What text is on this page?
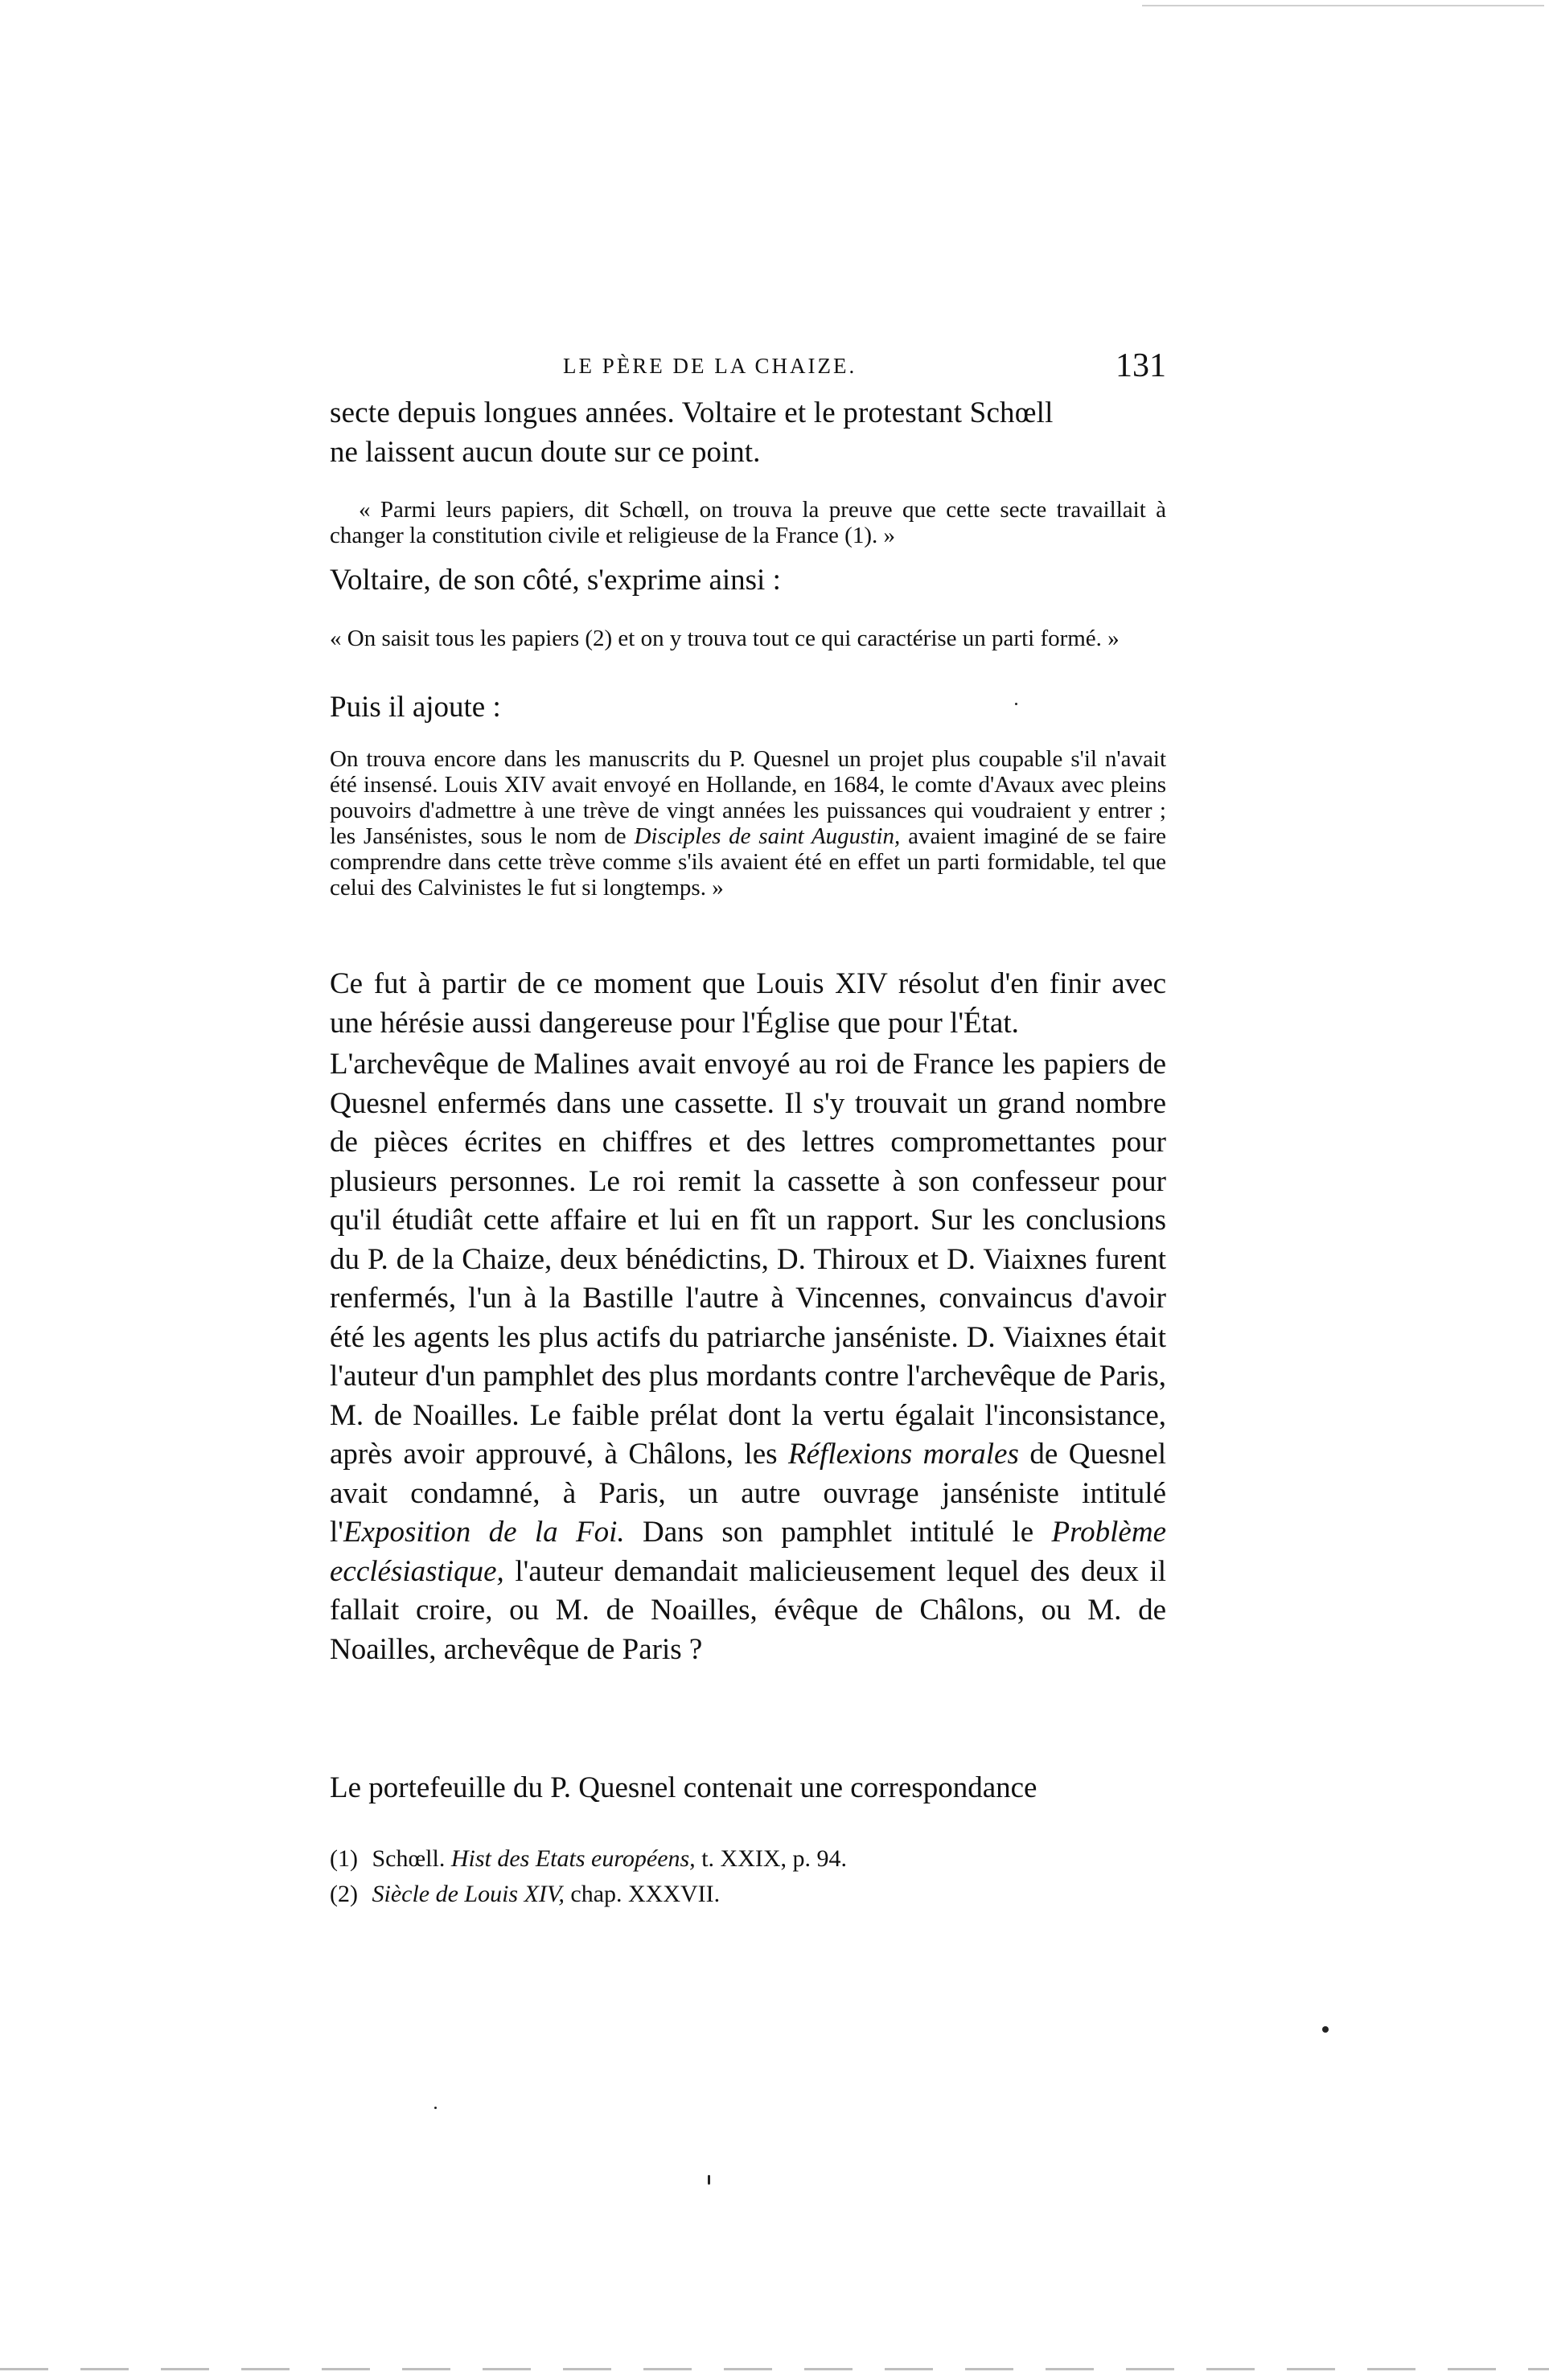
LE PÈRE DE LA CHAIZE.	131

secte depuis longues années. Voltaire et le protestant Schœll

ne laissent aucun doute sur ce point.

« Parmi leurs papiers, dit Schœll, on trouva la preuve que cette secte travaillait à changer la constitution civile et religieuse de la France (1). »

Voltaire, de son côté, s'exprime ainsi :

« On saisit tous les papiers (2) et on y trouva tout ce qui caractérise un parti formé. »

Puis il ajoute :

On trouva encore dans les manuscrits du P. Quesnel un projet plus coupable s'il n'avait été insensé. Louis XIV avait envoyé en Hollande, en 1684, le comte d'Avaux avec pleins pouvoirs d'admettre à une trève de vingt années les puissances qui voudraient y entrer ; les Jansénistes, sous le nom de Disciples de saint Augustin, avaient imaginé de se faire comprendre dans cette trève comme s'ils avaient été en effet un parti formidable, tel que celui des Calvinistes le fut si longtemps. »

Ce fut à partir de ce moment que Louis XIV résolut d'en finir avec une hérésie aussi dangereuse pour l'Église que pour l'État.

L'archevêque de Malines avait envoyé au roi de France les papiers de Quesnel enfermés dans une cassette. Il s'y trouvait un grand nombre de pièces écrites en chiffres et des lettres compromettantes pour plusieurs personnes. Le roi remit la cassette à son confesseur pour qu'il étudiât cette affaire et lui en fît un rapport. Sur les conclusions du P. de la Chaize, deux bénédictins, D. Thiroux et D. Viaixnes furent renfermés, l'un à la Bastille l'autre à Vincennes, convaincus d'avoir été les agents les plus actifs du patriarche janséniste. D. Viaixnes était l'auteur d'un pamphlet des plus mordants contre l'archevêque de Paris, M. de Noailles. Le faible prélat dont la vertu égalait l'inconsistance, après avoir approuvé, à Châlons, les Réflexions morales de Quesnel avait condamné, à Paris, un autre ouvrage janséniste intitulé l'Exposition de la Foi. Dans son pamphlet intitulé le Problème ecclésiastique, l'auteur demandait malicieusement lequel des deux il fallait croire, ou M. de Noailles, évêque de Châlons, ou M. de Noailles, archevêque de Paris ?

Le portefeuille du P. Quesnel contenait une correspondance

(1) Schœll. Hist des Etats européens, t. XXIX, p. 94.

(2) Siècle de Louis XIV, chap. XXXVII.
